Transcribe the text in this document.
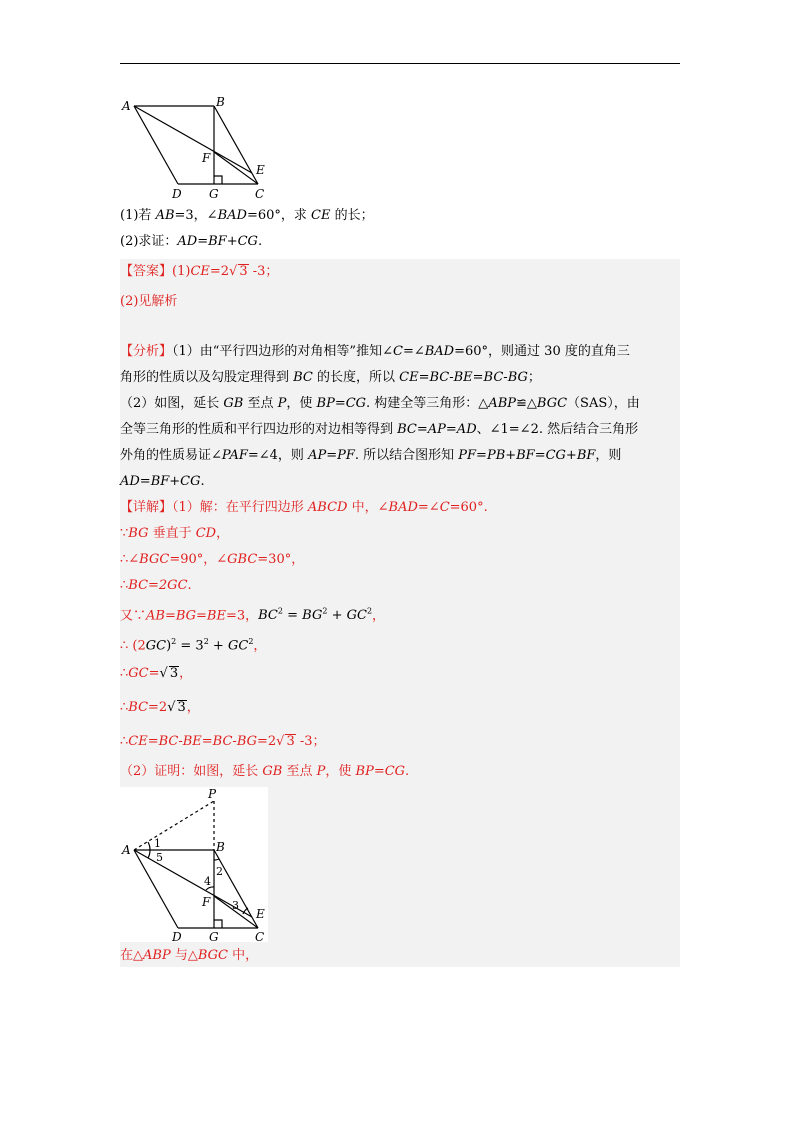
A	B
F
E
D G	C
(1)若 AB=3，∠BAD=60°，求 CE 的长；
(2)求证：AD=BF+CG.
【答案】(1)CE=2√ 3 -3；
(2)见解析
【分析】（1）由“平行四边形的对角相等”推知∠C=∠BAD=60°，则通过 30 度的直角三
角形的性质以及勾股定理得到 BC 的长度，所以 CE=BC-BE=BC-BG；
（2）如图，延长 GB 至点 P，使 BP=CG. 构建全等三角形：△ABP≌△BGC（SAS），由
全等三角形的性质和平行四边形的对边相等得到 BC=AP=AD、∠1=∠2. 然后结合三角形
外角的性质易证∠PAF=∠4，则 AP=PF. 所以结合图形知 PF=PB+BF=CG+BF，则
AD=BF+CG.
【详解】（1）解：在平行四边形 ABCD 中，∠BAD=∠C=60°.
∵BG 垂直于 CD，
∴∠BGC=90°，∠GBC=30°，
∴BC=2GC.
又∵AB=BG=BE=3，$BC^2 = BG^2 + GC^2$，
∴ $(2GC)^2 = 3^2 + GC^2$，
∴GC=√ 3，
∴BC=2√ 3，
∴CE=BC-BE=BC-BG=2√ 3 -3；
（2）证明：如图，延长 GB 至点 P，使 BP=CG.
P
A	B
F
E
D G	C
1
5
2
4
3
在△ABP 与△BGC 中，
